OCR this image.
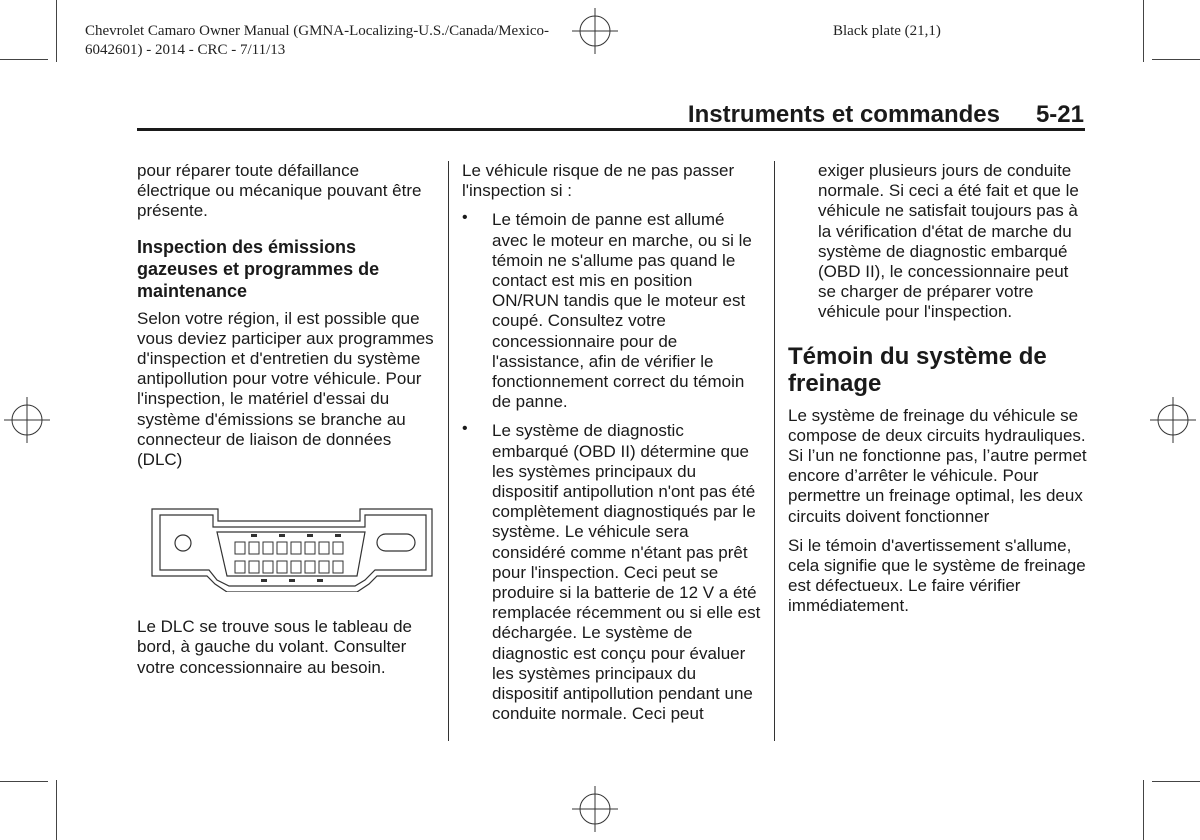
Chevrolet Camaro Owner Manual (GMNA-Localizing-U.S./Canada/Mexico-
6042601) - 2014 - CRC - 7/11/13
Black plate (21,1)
Instruments et commandes 5-21

pour réparer toute défaillance électrique ou mécanique pouvant être présente.

Inspection des émissions gazeuses et programmes de maintenance

Selon votre région, il est possible que vous deviez participer aux programmes d'inspection et d'entretien du système antipollution pour votre véhicule. Pour l'inspection, le matériel d'essai du système d'émissions se branche au connecteur de liaison de données (DLC)

Le DLC se trouve sous le tableau de bord, à gauche du volant. Consulter votre concessionnaire au besoin.

Le véhicule risque de ne pas passer l'inspection si :

• Le témoin de panne est allumé avec le moteur en marche, ou si le témoin ne s'allume pas quand le contact est mis en position ON/RUN tandis que le moteur est coupé. Consultez votre concessionnaire pour de l'assistance, afin de vérifier le fonctionnement correct du témoin de panne.
• Le système de diagnostic embarqué (OBD II) détermine que les systèmes principaux du dispositif antipollution n'ont pas été complètement diagnostiqués par le système. Le véhicule sera considéré comme n'étant pas prêt pour l'inspection. Ceci peut se produire si la batterie de 12 V a été remplacée récemment ou si elle est déchargée. Le système de diagnostic est conçu pour évaluer les systèmes principaux du dispositif antipollution pendant une conduite normale. Ceci peut

exiger plusieurs jours de conduite normale. Si ceci a été fait et que le véhicule ne satisfait toujours pas à la vérification d'état de marche du système de diagnostic embarqué (OBD II), le concessionnaire peut se charger de préparer votre véhicule pour l'inspection.

Témoin du système de freinage

Le système de freinage du véhicule se compose de deux circuits hydrauliques. Si l’un ne fonctionne pas, l’autre permet encore d’arrêter le véhicule. Pour permettre un freinage optimal, les deux circuits doivent fonctionner

Si le témoin d'avertissement s'allume, cela signifie que le système de freinage est défectueux. Le faire vérifier immédiatement.
